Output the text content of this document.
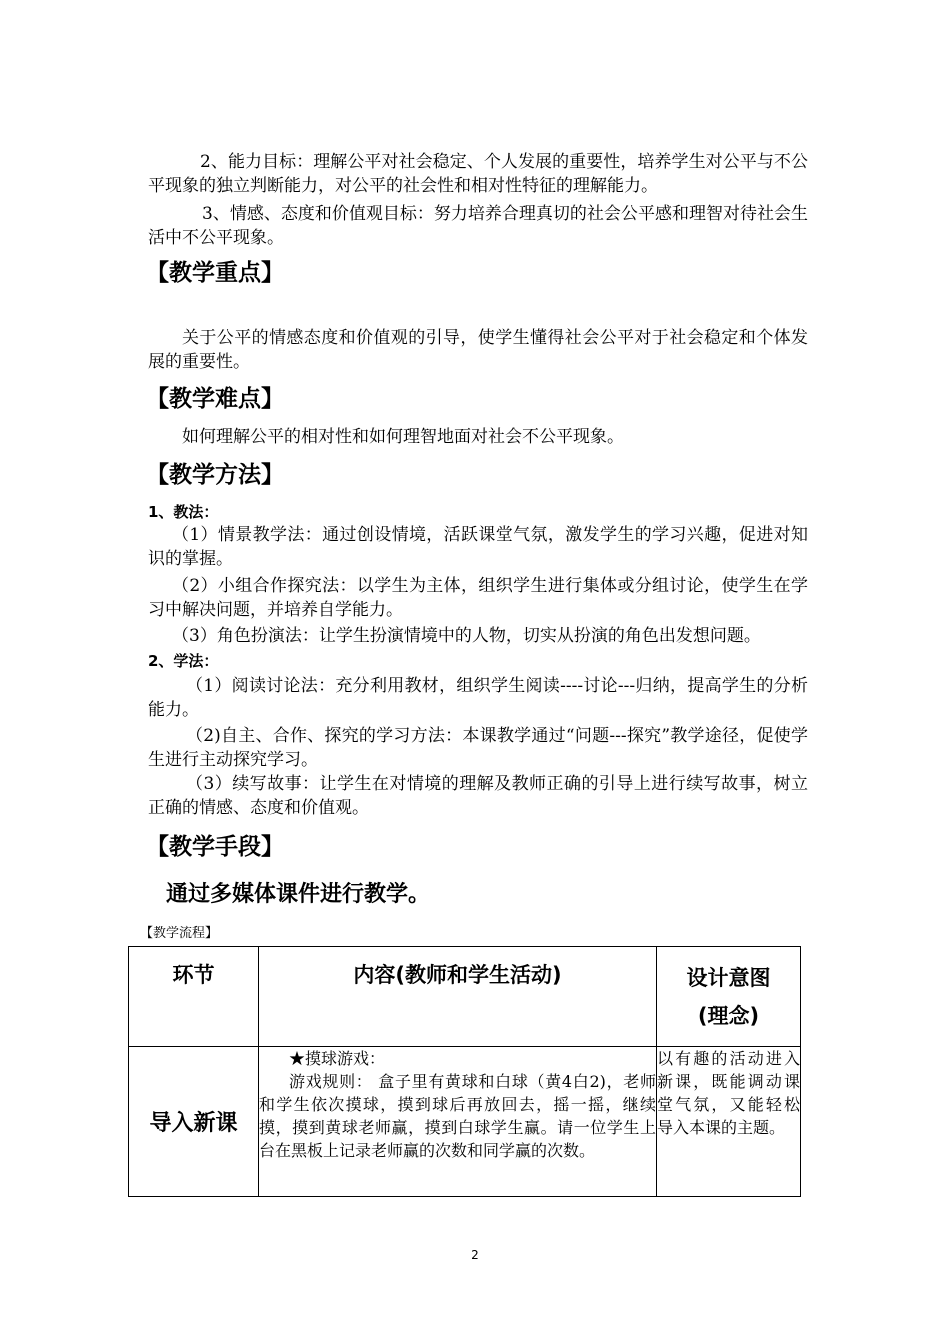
2、能力目标：理解公平对社会稳定、个人发展的重要性，培养学生对公平与不公平现象的独立判断能力，对公平的社会性和相对性特征的理解能力。
3、情感、态度和价值观目标：努力培养合理真切的社会公平感和理智对待社会生活中不公平现象。
【教学重点】
关于公平的情感态度和价值观的引导，使学生懂得社会公平对于社会稳定和个体发展的重要性。
【教学难点】
如何理解公平的相对性和如何理智地面对社会不公平现象。
【教学方法】
1、教法：
（1）情景教学法：通过创设情境，活跃课堂气氛，激发学生的学习兴趣，促进对知识的掌握。
（2）小组合作探究法：以学生为主体，组织学生进行集体或分组讨论，使学生在学习中解决问题，并培养自学能力。
（3）角色扮演法：让学生扮演情境中的人物，切实从扮演的角色出发想问题。
2、学法：
（1）阅读讨论法：充分利用教材，组织学生阅读----讨论---归纳，提高学生的分析能力。
（2)自主、合作、探究的学习方法：本课教学通过“问题---探究”教学途径，促使学生进行主动探究学习。
（3）续写故事：让学生在对情境的理解及教师正确的引导上进行续写故事，树立正确的情感、态度和价值观。
【教学手段】
通过多媒体课件进行教学。
【教学流程】
环节	内容(教师和学生活动)	设计意图
(理念)

导入新课	★摸球游戏：
游戏规则： 盒子里有黄球和白球（黄4白2)，老师和学生依次摸球，摸到球后再放回去，摇一摇，继续摸，摸到黄球老师赢，摸到白球学生赢。请一位学生上台在黑板上记录老师赢的次数和同学赢的次数。	以有趣的活动进入新课，既能调动课堂气氛，又能轻松导入本课的主题。
2
